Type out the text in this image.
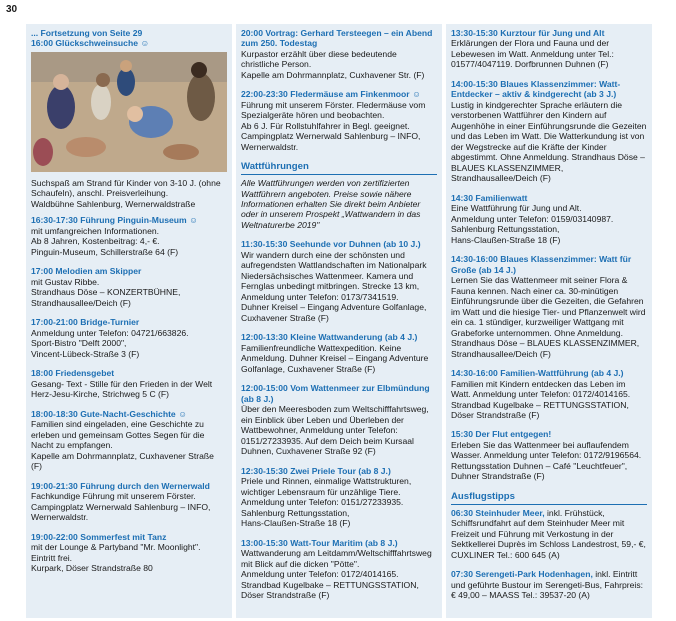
30
... Fortsetzung von Seite 29
16:00 Glückschweinsuche ☺
Suchspaß am Strand für Kinder von 3-10 J. (ohne Schaufeln), anschl. Preisverleihung.
Waldbühne Sahlenburg, Wernerwaldstraße
16:30-17:30 Führung Pinguin-Museum ☺
mit umfangreichen Informationen.
Ab 8 Jahren, Kostenbeitrag: 4,- €.
Pinguin-Museum, Schillerstraße 64 (F)
17:00 Melodien am Skipper
mit Gustav Ribbe.
Strandhaus Döse – KONZERTBÜHNE, Strandhausallee/Deich (F)
17:00-21:00 Bridge-Turnier
Anmeldung unter Telefon: 04721/663826.
Sport-Bistro "Delft 2000",
Vincent-Lübeck-Straße 3 (F)
18:00 Friedensgebet
Gesang- Text - Stille für den Frieden in der Welt
Herz-Jesu-Kirche, Strichweg 5 C (F)
18:00-18:30 Gute-Nacht-Geschichte ☺
Familien sind eingeladen, eine Geschichte zu erleben und gemeinsam Gottes Segen für die Nacht zu empfangen.
Kapelle am Dohrmannplatz, Cuxhavener Straße (F)
19:00-21:30 Führung durch den Wernerwald
Fachkundige Führung mit unserem Förster.
Campingplatz Wernerwald Sahlenburg – INFO, Wernerwaldstr.
19:00-22:00 Sommerfest mit Tanz
mit der Lounge & Partyband "Mr. Moonlight". Eintritt frei.
Kurpark, Döser Strandstraße 80
20:00 Vortrag: Gerhard Tersteegen – ein Abend zum 250. Todestag
Kurpastor erzählt über diese bedeutende christliche Person.
Kapelle am Dohrmannplatz, Cuxhavener Str. (F)
22:00-23:30 Fledermäuse am Finkenmoor ☺
Führung mit unserem Förster. Fledermäuse vom Spezialgeräte hören und beobachten.
Ab 6 J. Für Rollstuhlfahrer in Begl. geeignet.
Campingplatz Wernerwald Sahlenburg – INFO, Wernerwaldstr.
Wattführungen
Alle Wattführungen werden von zertifizierten Wattführern angeboten. Preise sowie nähere Informationen erhalten Sie direkt beim Anbieter oder in unserem Prospekt „Wattwandern in das Weltnaturerbe 2019"
11:30-15:30 Seehunde vor Duhnen (ab 10 J.)
Wir wandern durch eine der schönsten und aufregendsten Wattlandschaften im Nationalpark Niedersächsisches Wattenmeer. Kamera und Fernglas unbedingt mitbringen. Strecke 13 km, Anmeldung unter Telefon: 0173/7341519.
Duhner Kreisel – Eingang Adventure Golfanlage, Cuxhavener Straße (F)
12:00-13:30 Kleine Wattwanderung (ab 4 J.)
Familienfreundliche Wattexpedition. Keine Anmeldung. Duhner Kreisel – Eingang Adventure Golfanlage, Cuxhavener Straße (F)
12:00-15:00 Vom Wattenmeer zur Elbmündung (ab 8 J.)
Über den Meeresboden zum Weltschifffahrtsweg, ein Einblick über Leben und Überleben der Wattbewohner, Anmeldung unter Telefon: 0151/27233935. Auf dem Deich beim Kursaal Duhnen, Cuxhavener Straße 92 (F)
12:30-15:30 Zwei Priele Tour (ab 8 J.)
Priele und Rinnen, einmalige Wattstrukturen, wichtiger Lebensraum für unzählige Tiere. Anmeldung unter Telefon: 0151/27233935.
Sahlenburg Rettungsstation,
Hans-Claußen-Straße 18 (F)
13:00-15:30 Watt-Tour Maritim (ab 8 J.)
Wattwanderung am Leitdamm/Weltschifffahrtsweg mit Blick auf die dicken "Pötte".
Anmeldung unter Telefon: 0172/4014165.
Strandbad Kugelbake – RETTUNGSSTATION, Döser Strandstraße (F)
13:30-15:30 Kurztour für Jung und Alt
Erklärungen der Flora und Fauna und der Lebewesen im Watt. Anmeldung unter Tel.: 01577/4047119. Dorfbrunnen Duhnen (F)
14:00-15:30 Blaues Klassenzimmer: Watt-Entdecker – aktiv & kindgerecht (ab 3 J.)
Lustig in kindgerechter Sprache erläutern die verstorbenen Wattführer den Kindern auf Augenhöhe in einer Einführungsrunde die Gezeiten und das Leben im Watt. Die Watterkundung ist von der Wegstrecke auf die Kräfte der Kinder abgestimmt. Ohne Anmeldung. Strandhaus Döse – BLAUES KLASSENZIMMER, Strandhausallee/Deich (F)
14:30 Familienwatt
Eine Wattführung für Jung und Alt.
Anmeldung unter Telefon: 0159/03140987.
Sahlenburg Rettungsstation,
Hans-Claußen-Straße 18 (F)
14:30-16:00 Blaues Klassenzimmer: Watt für Große (ab 14 J.)
Lernen Sie das Wattenmeer mit seiner Flora & Fauna kennen. Nach einer ca. 30-minütigen Einführungsrunde über die Gezeiten, die Gefahren im Watt und die hiesige Tier- und Pflanzenwelt wird ein ca. 1 stündiger, kurzweiliger Wattgang mit Grabeforke unternommen. Ohne Anmeldung. Strandhaus Döse – BLAUES KLASSENZIMMER, Strandhausallee/Deich (F)
14:30-16:00 Familien-Wattführung (ab 4 J.)
Familien mit Kindern entdecken das Leben im Watt. Anmeldung unter Telefon: 0172/4014165. Strandbad Kugelbake – RETTUNGSSTATION, Döser Strandstraße (F)
15:30 Der Flut entgegen!
Erleben Sie das Wattenmeer bei auflaufendem Wasser. Anmeldung unter Telefon: 0172/9196564. Rettungsstation Duhnen – Café "Leuchtfeuer", Duhner Strandstraße (F)
Ausflugstipps
06:30 Steinhuder Meer, inkl. Frühstück, Schiffsrundfahrt auf dem Steinhuder Meer mit Freizeit und Führung mit Verkostung in der Sektkellerei Duprès im Schloss Landestrost, 59,- €, CUXLINER Tel.: 600 645 (A)
07:30 Serengeti-Park Hodenhagen, inkl. Eintritt und geführte Bustour im Serengeti-Bus, Fahrpreis: € 49,00 – MAASS Tel.: 39537-20 (A)
